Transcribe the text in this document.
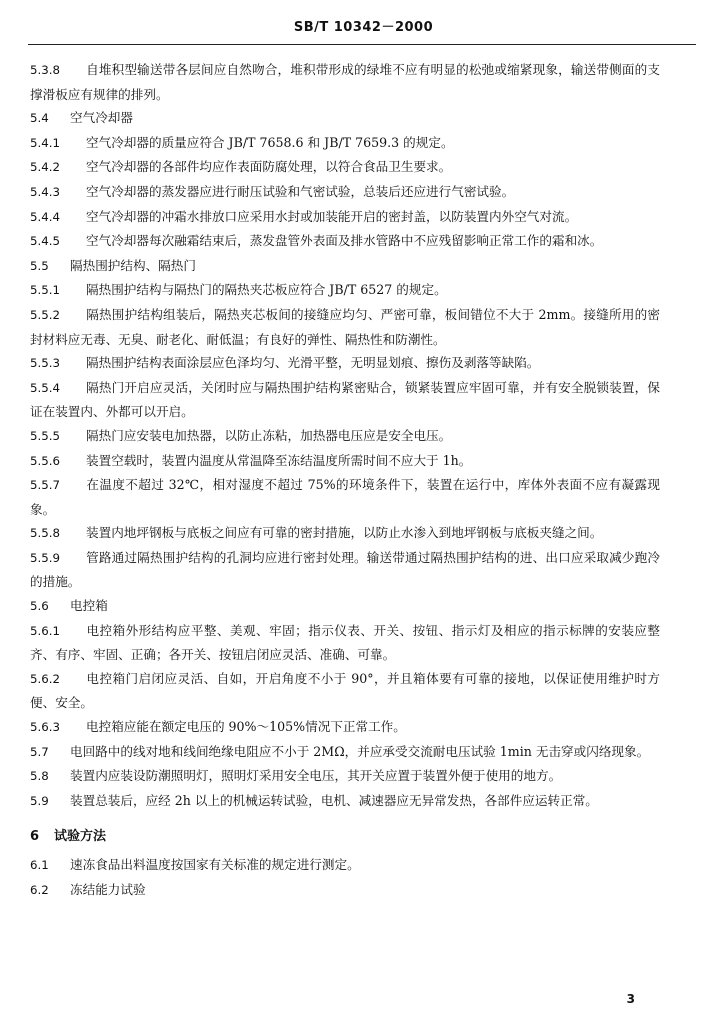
SB/T 10342－2000

5.3.8 自堆积型输送带各层间应自然吻合，堆积带形成的绿堆不应有明显的松弛或缩紧现象，输送带侧面的支撑滑板应有规律的排列。

5.4 空气冷却器

5.4.1 空气冷却器的质量应符合 JB/T 7658.6 和 JB/T 7659.3 的规定。

5.4.2 空气冷却器的各部件均应作表面防腐处理，以符合食品卫生要求。

5.4.3 空气冷却器的蒸发器应进行耐压试验和气密试验，总装后还应进行气密试验。

5.4.4 空气冷却器的冲霜水排放口应采用水封或加装能开启的密封盖，以防装置内外空气对流。

5.4.5 空气冷却器每次融霜结束后，蒸发盘管外表面及排水管路中不应残留影响正常工作的霜和冰。

5.5 隔热围护结构、隔热门

5.5.1 隔热围护结构与隔热门的隔热夹芯板应符合 JB/T 6527 的规定。

5.5.2 隔热围护结构组装后，隔热夹芯板间的接缝应均匀、严密可靠，板间错位不大于 2mm。接缝所用的密封材料应无毒、无臭、耐老化、耐低温；有良好的弹性、隔热性和防潮性。

5.5.3 隔热围护结构表面涂层应色泽均匀、光滑平整，无明显划痕、擦伤及剥落等缺陷。

5.5.4 隔热门开启应灵活，关闭时应与隔热围护结构紧密贴合，锁紧装置应牢固可靠，并有安全脱锁装置，保证在装置内、外都可以开启。

5.5.5 隔热门应安装电加热器，以防止冻粘，加热器电压应是安全电压。

5.5.6 装置空载时，装置内温度从常温降至冻结温度所需时间不应大于 1h。

5.5.7 在温度不超过 32℃，相对湿度不超过 75%的环境条件下，装置在运行中，库体外表面不应有凝露现象。

5.5.8 装置内地坪钢板与底板之间应有可靠的密封措施，以防止水渗入到地坪钢板与底板夹缝之间。

5.5.9 管路通过隔热围护结构的孔洞均应进行密封处理。输送带通过隔热围护结构的进、出口应采取减少跑冷的措施。

5.6 电控箱

5.6.1 电控箱外形结构应平整、美观、牢固；指示仪表、开关、按钮、指示灯及相应的指示标牌的安装应整齐、有序、牢固、正确；各开关、按钮启闭应灵活、准确、可靠。

5.6.2 电控箱门启闭应灵活、自如，开启角度不小于 90°，并且箱体要有可靠的接地，以保证使用维护时方便、安全。

5.6.3 电控箱应能在额定电压的 90%～105%情况下正常工作。

5.7 电回路中的线对地和线间绝缘电阻应不小于 2MΩ，并应承受交流耐电压试验 1min 无击穿或闪络现象。

5.8 装置内应装设防潮照明灯，照明灯采用安全电压，其开关应置于装置外便于使用的地方。

5.9 装置总装后，应经 2h 以上的机械运转试验，电机、减速器应无异常发热，各部件应运转正常。

6 试验方法

6.1 速冻食品出料温度按国家有关标准的规定进行测定。

6.2 冻结能力试验

3
